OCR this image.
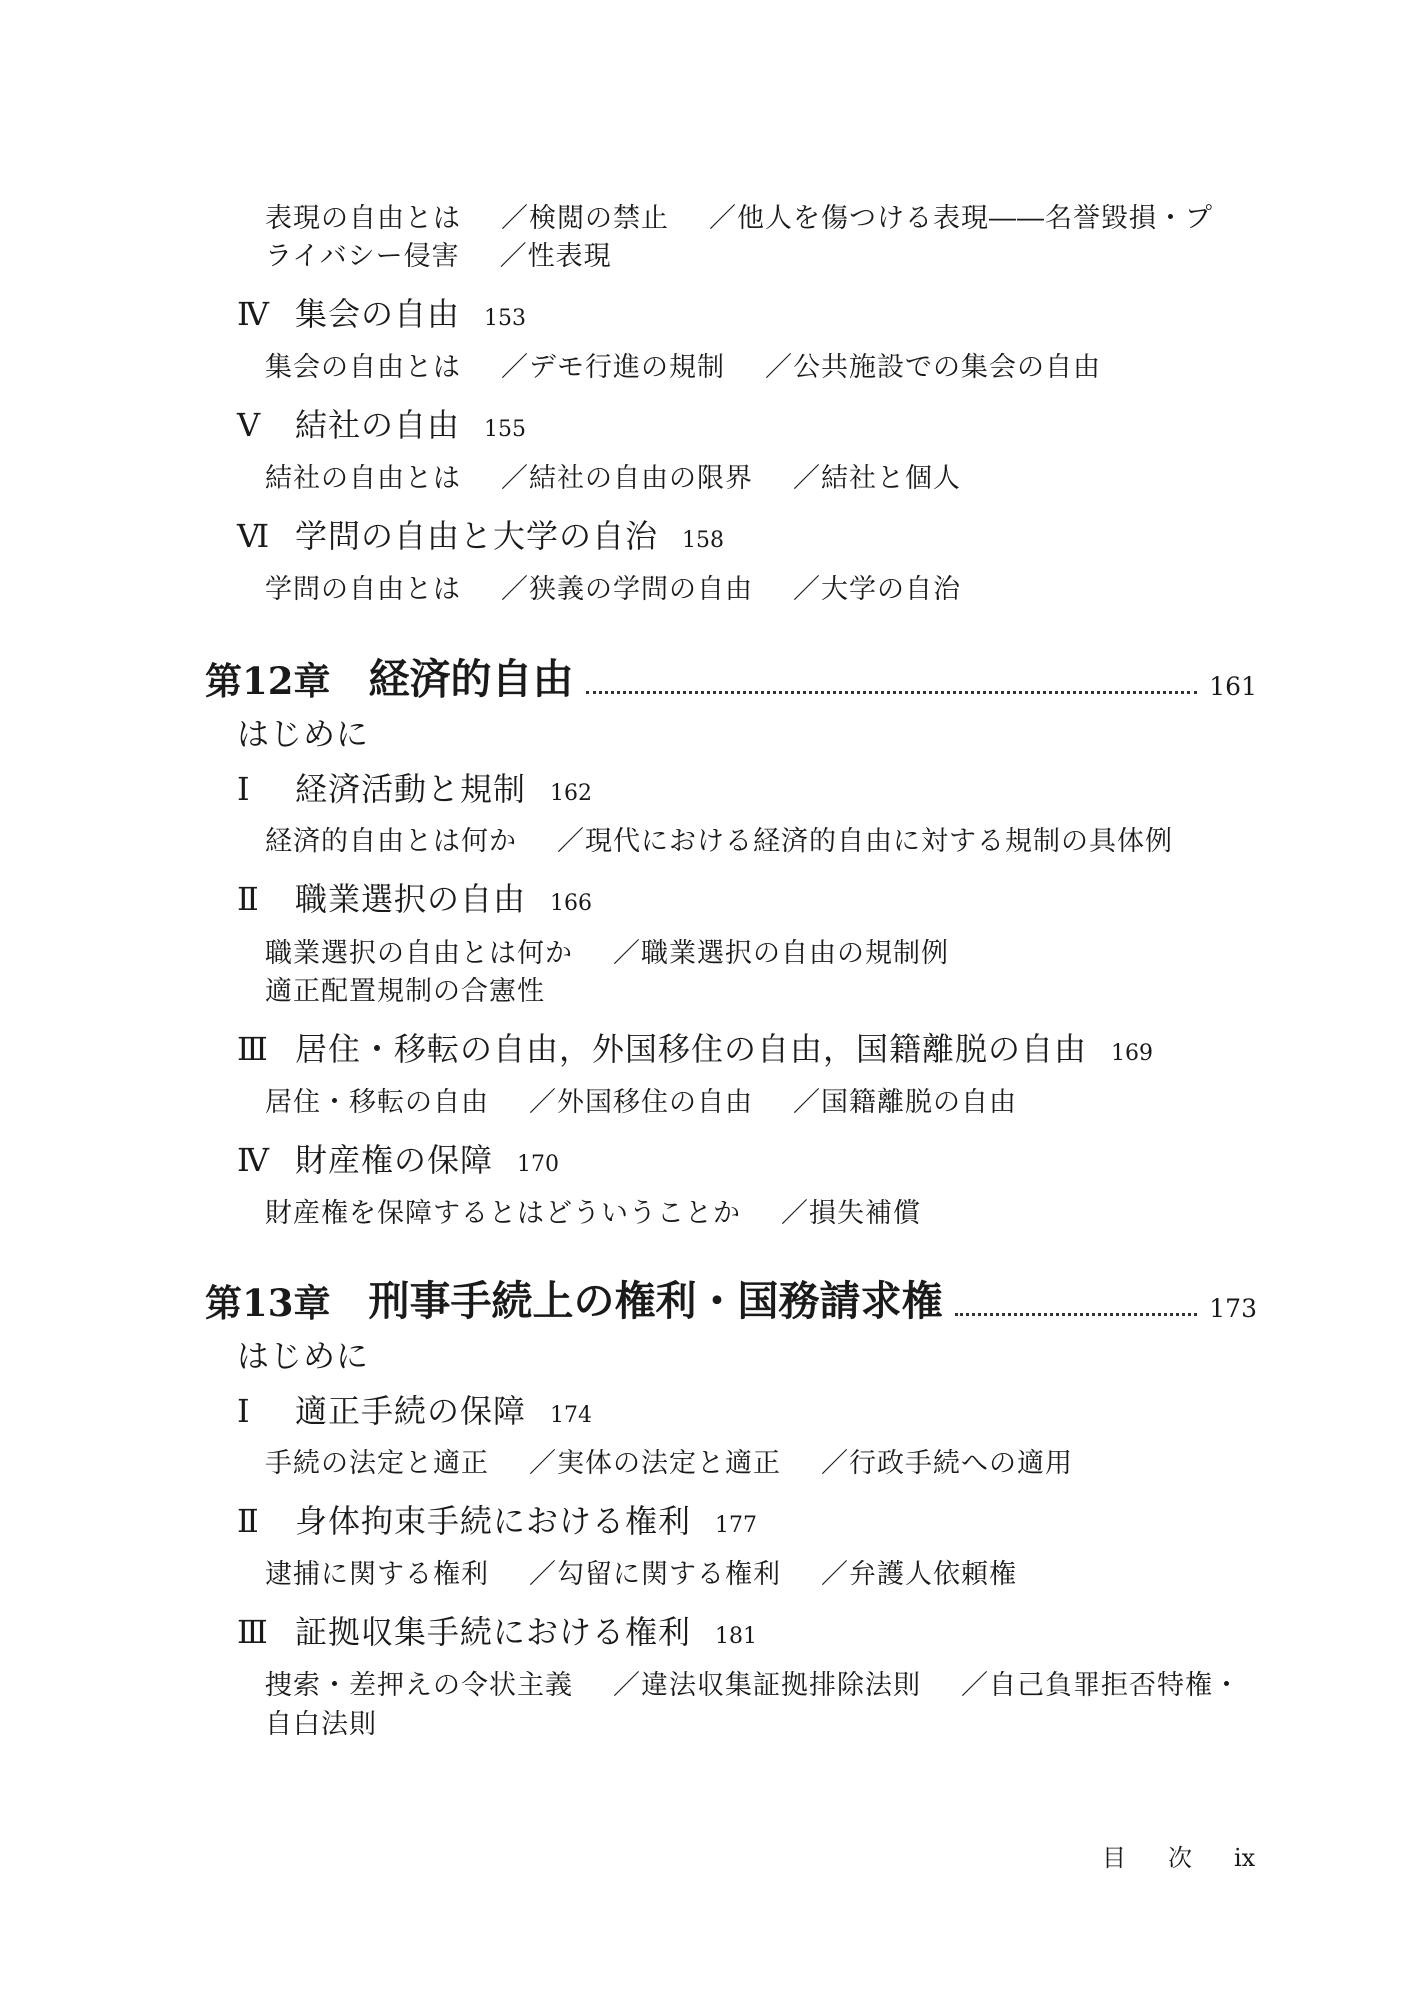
表現の自由とは ／検閲の禁止 ／他人を傷つける表現――名誉毀損・プ
ライバシー侵害 ／性表現
Ⅳ 集会の自由 153
集会の自由とは ／デモ行進の規制 ／公共施設での集会の自由
Ⅴ 結社の自由 155
結社の自由とは ／結社の自由の限界 ／結社と個人
Ⅵ 学問の自由と大学の自治 158
学問の自由とは ／狭義の学問の自由 ／大学の自治
第12章 経済的自由	161
はじめに
Ⅰ 経済活動と規制 162
経済的自由とは何か ／現代における経済的自由に対する規制の具体例
Ⅱ 職業選択の自由 166
職業選択の自由とは何か ／職業選択の自由の規制例
適正配置規制の合憲性
Ⅲ 居住・移転の自由，外国移住の自由，国籍離脱の自由 169
居住・移転の自由 ／外国移住の自由 ／国籍離脱の自由
Ⅳ 財産権の保障 170
財産権を保障するとはどういうことか ／損失補償
第13章 刑事手続上の権利・国務請求権	173
はじめに
Ⅰ 適正手続の保障 174
手続の法定と適正 ／実体の法定と適正 ／行政手続への適用
Ⅱ 身体拘束手続における権利 177
逮捕に関する権利 ／勾留に関する権利 ／弁護人依頼権
Ⅲ 証拠収集手続における権利 181
捜索・差押えの令状主義 ／違法収集証拠排除法則 ／自己負罪拒否特権・
自白法則
目 次 ix
